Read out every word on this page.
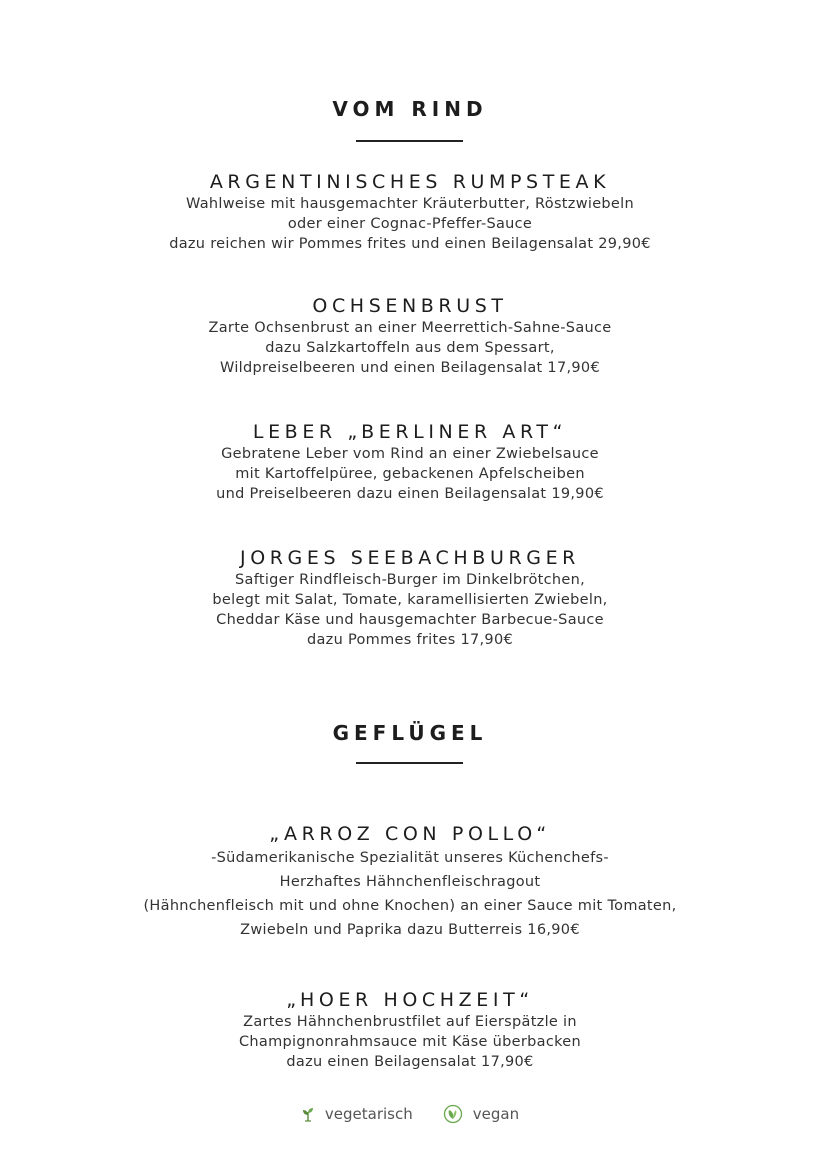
VOM RIND

ARGENTINISCHES RUMPSTEAK

Wahlweise mit hausgemachter Kräuterbutter, Röstzwiebeln
oder einer Cognac-Pfeffer-Sauce
dazu reichen wir Pommes frites und einen Beilagensalat 29,90€

OCHSENBRUST

Zarte Ochsenbrust an einer Meerrettich-Sahne-Sauce
dazu Salzkartoffeln aus dem Spessart,
Wildpreiselbeeren und einen Beilagensalat 17,90€

LEBER „BERLINER ART“

Gebratene Leber vom Rind an einer Zwiebelsauce
mit Kartoffelpüree, gebackenen Apfelscheiben
und Preiselbeeren dazu einen Beilagensalat 19,90€

JORGES SEEBACHBURGER

Saftiger Rindfleisch-Burger im Dinkelbrötchen,
belegt mit Salat, Tomate, karamellisierten Zwiebeln,
Cheddar Käse und hausgemachter Barbecue-Sauce
dazu Pommes frites 17,90€

GEFLÜGEL

„ARROZ CON POLLO“

-Südamerikanische Spezialität unseres Küchenchefs-
Herzhaftes Hähnchenfleischragout
(Hähnchenfleisch mit und ohne Knochen) an einer Sauce mit Tomaten,
Zwiebeln und Paprika dazu Butterreis 16,90€

„HOER HOCHZEIT“

Zartes Hähnchenbrustfilet auf Eierspätzle in
Champignonrahmsauce mit Käse überbacken
dazu einen Beilagensalat 17,90€

vegetarisch	vegan
